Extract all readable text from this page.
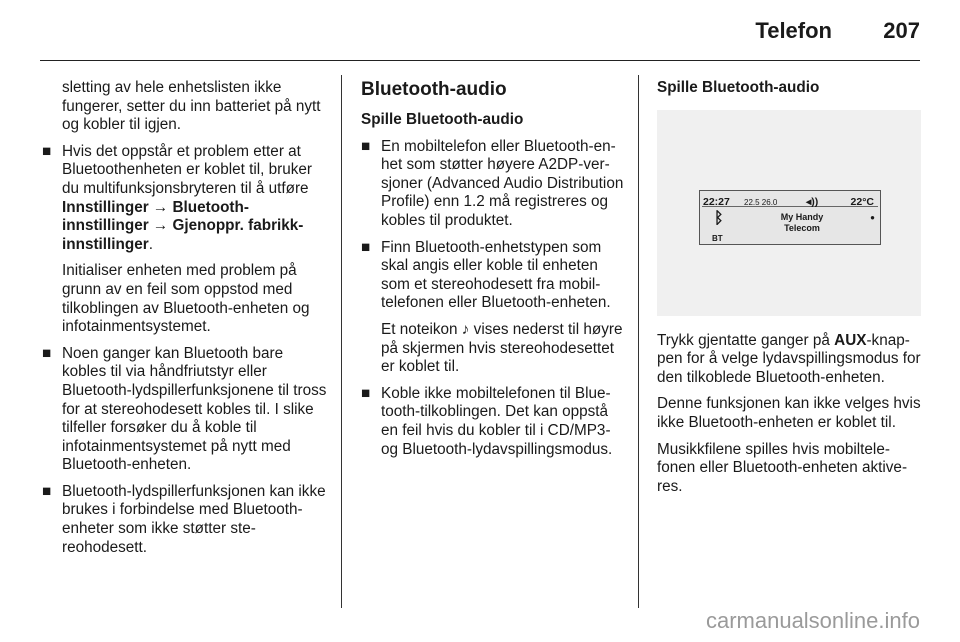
Telefon 207

sletting av hele enhetslisten ikke fungerer, setter du inn batteriet på nytt og kobler til igjen.

■ Hvis det oppstår et problem etter at Bluetoothenheten er koblet til, bruker du multifunksjonsbryteren til å utføre Innstillinger → Bluetooth-innstillinger → Gjenoppr. fabrikkinnstillinger.

Initialiser enheten med problem på grunn av en feil som oppstod med tilkoblingen av Bluetooth-enheten og infotainmentsystemet.

■ Noen ganger kan Bluetooth bare kobles til via håndfriutstyr eller Bluetooth-lydspillerfunksjonene til tross for at stereohodesett kobles til. I slike tilfeller forsøker du å koble til infotainmentsystemet på nytt med Bluetooth-enheten.
■ Bluetooth-lydspillerfunksjonen kan ikke brukes i forbindelse med Bluetooth-enheter som ikke støtter stereohodesett.
Bluetooth-audio

Spille Bluetooth-audio

■ En mobiltelefon eller Bluetooth-enhet som støtter høyere A2DP-versjoner (Advanced Audio Distribution Profile) enn 1.2 må registreres og kobles til produktet.
■ Finn Bluetooth-enhetstypen som skal angis eller koble til enheten som et stereohodesett fra mobiltelefonen eller Bluetooth-enheten.

Et noteikon ♪ vises nederst til høyre på skjermen hvis stereohodesettet er koblet til.

■ Koble ikke mobiltelefonen til Bluetooth-tilkoblingen. Det kan oppstå en feil hvis du kobler til i CD/MP3- og Bluetooth-lydavspillingsmodus.

Spille Bluetooth-audio

22:27 22.5 26.0	◂))	22°C
ᛒ
BT
My Handy
Telecom
●

Trykk gjentatte ganger på AUX-knappen for å velge lydavspillingsmodus for den tilkoblede Bluetooth-enheten.

Denne funksjonen kan ikke velges hvis ikke Bluetooth-enheten er koblet til.

Musikkfilene spilles hvis mobiltelefonen eller Bluetooth-enheten aktiveres.

carmanualsonline.info
